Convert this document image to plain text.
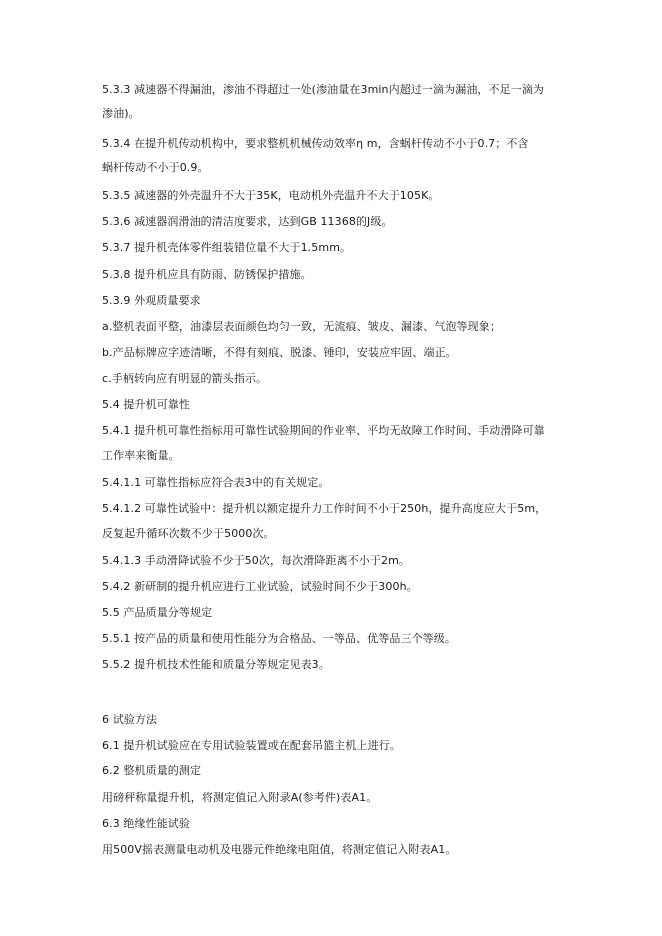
5.3.3 减速器不得漏油，渗油不得超过一处(渗油量在3min内超过一滴为漏油，不足一滴为
渗油)。
5.3.4 在提升机传动机构中，要求整机机械传动效率η m，含蜗杆传动不小于0.7；不含
蜗杆传动不小于0.9。
5.3.5 减速器的外壳温升不大于35K，电动机外壳温升不大于105K。
5.3.6 减速器润滑油的清洁度要求，达到GB 11368的J级。
5.3.7 提升机壳体零件组装错位量不大于1.5mm。
5.3.8 提升机应具有防雨、防锈保护措施。
5.3.9 外观质量要求
a.整机表面平整，油漆层表面颜色均匀一致，无流痕、皱皮、漏漆、气泡等现象；
b.产品标牌应字迹清晰，不得有刻痕、脱漆、锤印，安装应牢固、端正。
c.手柄转向应有明显的箭头指示。
5.4 提升机可靠性
5.4.1 提升机可靠性指标用可靠性试验期间的作业率、平均无故障工作时间、手动滑降可靠
工作率来衡量。
5.4.1.1 可靠性指标应符合表3中的有关规定。
5.4.1.2 可靠性试验中：提升机以额定提升力工作时间不小于250h，提升高度应大于5m，
反复起升循环次数不少于5000次。
5.4.1.3 手动滑降试验不少于50次，每次滑降距离不小于2m。
5.4.2 新研制的提升机应进行工业试验，试验时间不少于300h。
5.5 产品质量分等规定
5.5.1 按产品的质量和使用性能分为合格品、一等品、优等品三个等级。
5.5.2 提升机技术性能和质量分等规定见表3。
6 试验方法
6.1 提升机试验应在专用试验装置或在配套吊篮主机上进行。
6.2 整机质量的测定
用磅秤称量提升机，将测定值记入附录A(参考件)表A1。
6.3 绝缘性能试验
用500V摇表测量电动机及电器元件绝缘电阻值，将测定值记入附表A1。
